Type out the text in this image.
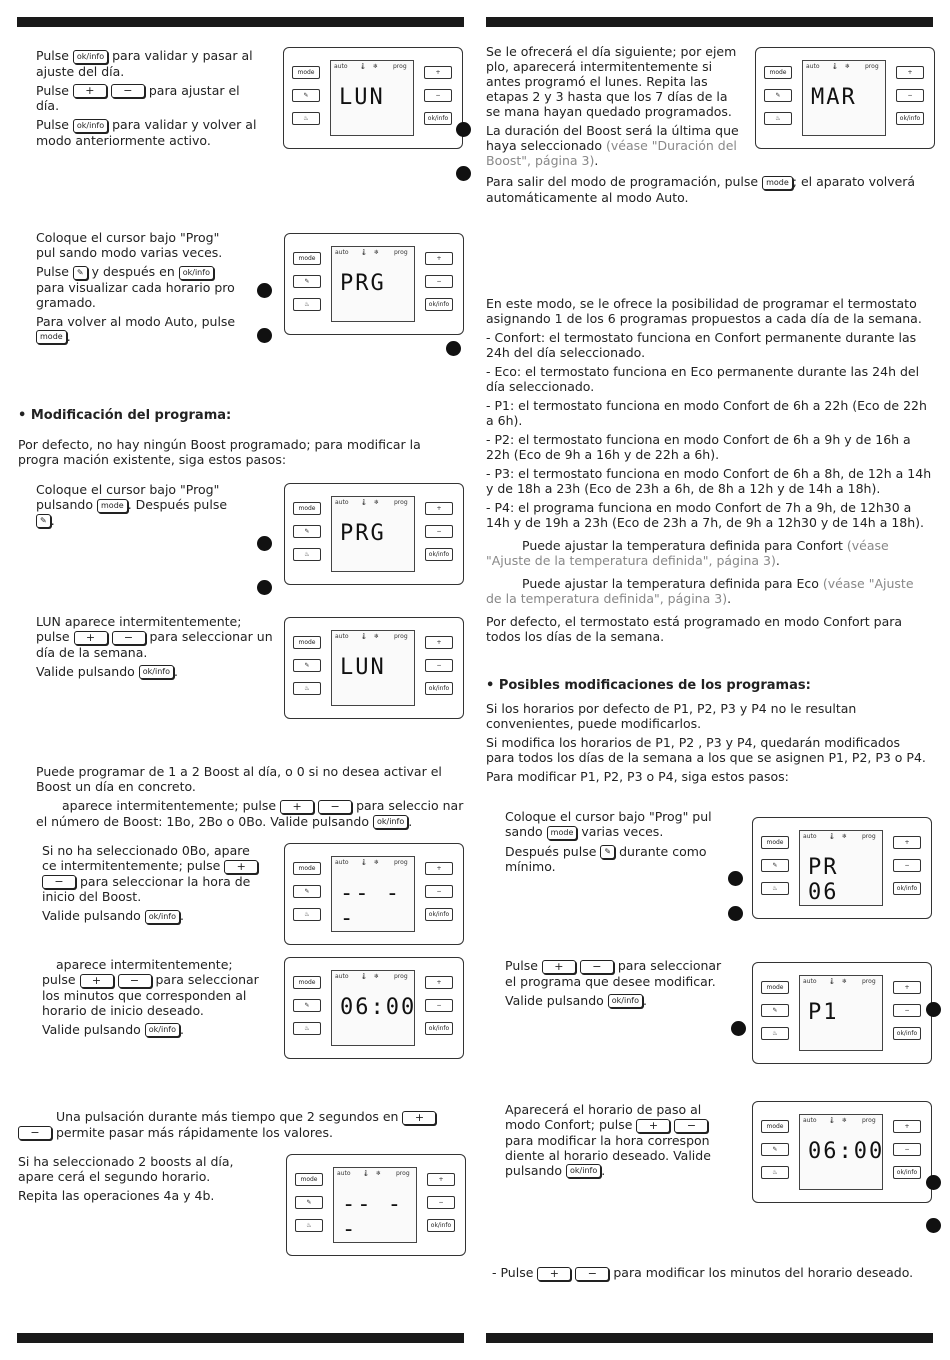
Pulse ok/info para validar y pasar al ajuste del día.

Pulse +	− para ajustar el día.

Pulse ok/info para validar y volver al modo anteriormente activo.

Coloque el cursor bajo "Prog" pul sando modo varias veces.

Pulse ✎ y después en ok/info para visualizar cada horario pro gramado.

Para volver al modo Auto, pulse mode .

• Modificación del programa:
Por defecto, no hay ningún Boost programado; para modificar la progra mación existente, siga estos pasos:

Coloque el cursor bajo "Prog" pulsando mode . Después pulse ✎ .

LUN aparece intermitentemente; pulse +	− para seleccionar un día de la semana.

Valide pulsando ok/info .

Puede programar de 1 a 2 Boost al día, o 0 si no desea activar el Boost un día en concreto.

aparece intermitentemente; pulse +	− para seleccio nar el número de Boost: 1Bo, 2Bo o 0Bo. Valide pulsando ok/info .

Si no ha seleccionado 0Bo, apare ce intermitentemente; pulse + − para seleccionar la hora de inicio del Boost.

Valide pulsando ok/info .

aparece intermitentemente; pulse +	− para seleccionar los minutos que corresponden al horario de inicio deseado.

Valide pulsando ok/info .

Una pulsación durante más tiempo que 2 segundos en + − permite pasar más rápidamente los valores.

Si ha seleccionado 2 boosts al día, apare cerá el segundo horario.

Repita las operaciones 4a y 4b.

Se le ofrecerá el día siguiente; por ejem plo, aparecerá intermitentemente si antes programó el lunes. Repita las etapas 2 y 3 hasta que los 7 días de la se mana hayan quedado programados.

La duración del Boost será la última que haya seleccionado (véase "Duración del Boost", página 3).

Para salir del modo de programación, pulse mode ; el aparato volverá automáticamente al modo Auto.

En este modo, se le ofrece la posibilidad de programar el termostato asignando 1 de los 6 programas propuestos a cada día de la semana.

- Confort: el termostato funciona en Confort permanente durante las 24h del día seleccionado.

- Eco: el termostato funciona en Eco permanente durante las 24h del día seleccionado.

- P1: el termostato funciona en modo Confort de 6h a 22h (Eco de 22h a 6h).

- P2: el termostato funciona en modo Confort de 6h a 9h y de 16h a 22h (Eco de 9h a 16h y de 22h a 6h).

- P3: el termostato funciona en modo Confort de 6h a 8h, de 12h a 14h y de 18h a 23h (Eco de 23h a 6h, de 8h a 12h y de 14h a 18h).

- P4: el programa funciona en modo Confort de 7h a 9h, de 12h30 a 14h y de 19h a 23h (Eco de 23h a 7h, de 9h a 12h30 y de 14h a 18h).

Puede ajustar la temperatura definida para Confort (véase "Ajuste de la temperatura definida", página 3).

Puede ajustar la temperatura definida para Eco (véase "Ajuste de la temperatura definida", página 3).

Por defecto, el termostato está programado en modo Confort para todos los días de la semana.

• Posibles modificaciones de los programas:

Si los horarios por defecto de P1, P2, P3 y P4 no le resultan convenientes, puede modificarlos.

Si modifica los horarios de P1, P2 , P3 y P4, quedarán modificados para todos los días de la semana a los que se asignen P1, P2, P3 o P4.

Para modificar P1, P2, P3 o P4, siga estos pasos:

Coloque el cursor bajo "Prog" pul sando mode varias veces.

Después pulse ✎ durante como mínimo.

Pulse +	− para seleccionar el programa que desee modificar.

Valide pulsando ok/info .

Aparecerá el horario de paso al modo Confort; pulse +	− para modificar la hora correspon diente al horario deseado. Valide pulsando ok/info .

- Pulse +	− para modificar los minutos del horario deseado.

mode
✎
♨
auto 🌡 ❄ prog
LUN
+
−
ok/info
mode
✎
♨
auto 🌡 ❄ prog
PRG
+
−
ok/info
mode
✎
♨
auto 🌡 ❄ prog
PRG
+
−
ok/info
mode
✎
♨
auto 🌡 ❄ prog
LUN
+
−
ok/info
mode
✎
♨
auto 🌡 ❄ prog
-- --
+
−
ok/info
mode
✎
♨
auto 🌡 ❄ prog
06:00
+
−
ok/info
mode
✎
♨
auto 🌡 ❄ prog
-- --
+
−
ok/info
mode
✎
♨
auto 🌡 ❄ prog
MAR
+
−
ok/info
mode
✎
♨
auto 🌡 ❄ prog
PR 06
+
−
ok/info
mode
✎
♨
auto 🌡 ❄ prog
P1
+
−
ok/info
mode
✎
♨
auto 🌡 ❄ prog
06:00
+
−
ok/info
